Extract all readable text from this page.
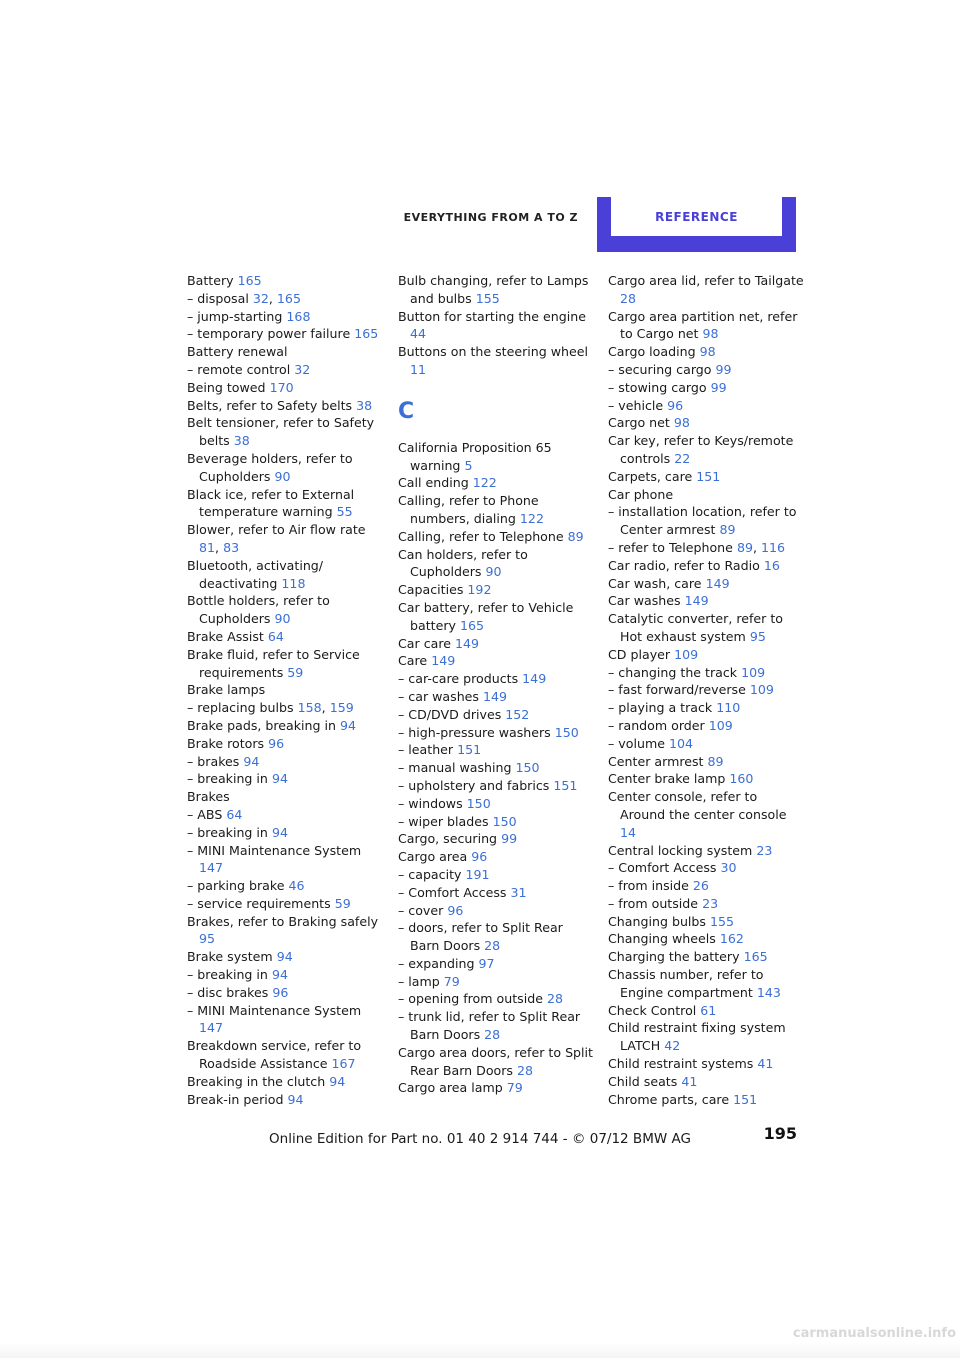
EVERYTHING FROM A TO Z	REFERENCE
Battery 165
– disposal 32, 165
– jump-starting 168
– temporary power failure 165
Battery renewal
– remote control 32
Being towed 170
Belts, refer to Safety belts 38
Belt tensioner, refer to Safety belts 38
Beverage holders, refer to Cupholders 90
Black ice, refer to External temperature warning 55
Blower, refer to Air flow rate 81, 83
Bluetooth, activating/ deactivating 118
Bottle holders, refer to Cupholders 90
Brake Assist 64
Brake fluid, refer to Service requirements 59
Brake lamps
– replacing bulbs 158, 159
Brake pads, breaking in 94
Brake rotors 96
– brakes 94
– breaking in 94
Brakes
– ABS 64
– breaking in 94
– MINI Maintenance System 147
– parking brake 46
– service requirements 59
Brakes, refer to Braking safely 95
Brake system 94
– breaking in 94
– disc brakes 96
– MINI Maintenance System 147
Breakdown service, refer to Roadside Assistance 167
Breaking in the clutch 94
Break-in period 94
Bulb changing, refer to Lamps and bulbs 155
Button for starting the engine 44
Buttons on the steering wheel 11
C
California Proposition 65 warning 5
Call ending 122
Calling, refer to Phone numbers, dialing 122
Calling, refer to Telephone 89
Can holders, refer to Cupholders 90
Capacities 192
Car battery, refer to Vehicle battery 165
Car care 149
Care 149
– car-care products 149
– car washes 149
– CD/DVD drives 152
– high-pressure washers 150
– leather 151
– manual washing 150
– upholstery and fabrics 151
– windows 150
– wiper blades 150
Cargo, securing 99
Cargo area 96
– capacity 191
– Comfort Access 31
– cover 96
– doors, refer to Split Rear Barn Doors 28
– expanding 97
– lamp 79
– opening from outside 28
– trunk lid, refer to Split Rear Barn Doors 28
Cargo area doors, refer to Split Rear Barn Doors 28
Cargo area lamp 79
Cargo area lid, refer to Tailgate 28
Cargo area partition net, refer to Cargo net 98
Cargo loading 98
– securing cargo 99
– stowing cargo 99
– vehicle 96
Cargo net 98
Car key, refer to Keys/remote controls 22
Carpets, care 151
Car phone
– installation location, refer to Center armrest 89
– refer to Telephone 89, 116
Car radio, refer to Radio 16
Car wash, care 149
Car washes 149
Catalytic converter, refer to Hot exhaust system 95
CD player 109
– changing the track 109
– fast forward/reverse 109
– playing a track 110
– random order 109
– volume 104
Center armrest 89
Center brake lamp 160
Center console, refer to Around the center console 14
Central locking system 23
– Comfort Access 30
– from inside 26
– from outside 23
Changing bulbs 155
Changing wheels 162
Charging the battery 165
Chassis number, refer to Engine compartment 143
Check Control 61
Child restraint fixing system LATCH 42
Child restraint systems 41
Child seats 41
Chrome parts, care 151
195
Online Edition for Part no. 01 40 2 914 744 - © 07/12 BMW AG
carmanualsonline.info
